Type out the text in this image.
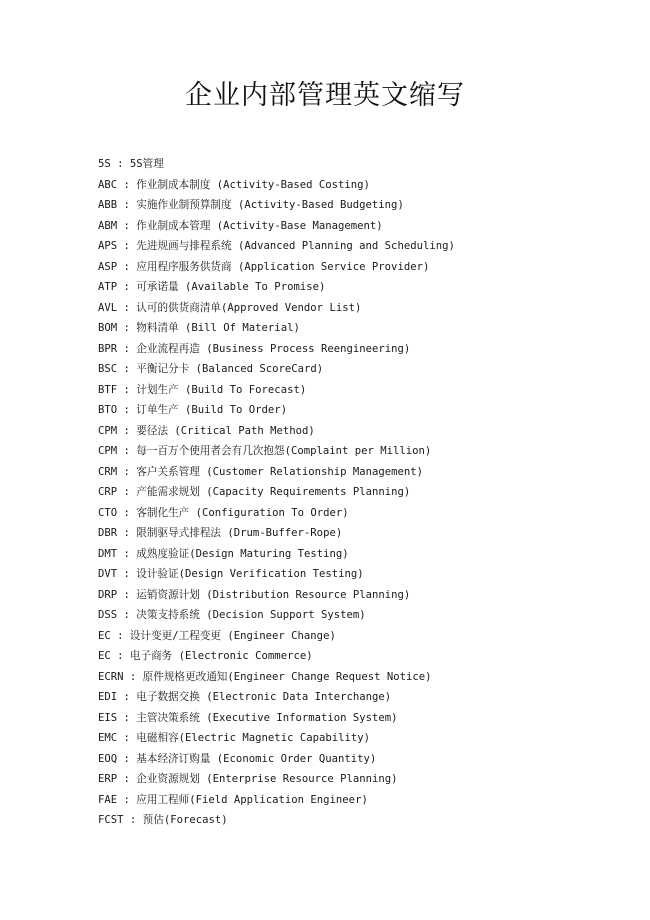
企业内部管理英文缩写
5S : 5S管理
ABC : 作业制成本制度 (Activity-Based Costing)
ABB : 实施作业制预算制度 (Activity-Based Budgeting)
ABM : 作业制成本管理 (Activity-Base Management)
APS : 先进规画与排程系统 (Advanced Planning and Scheduling)
ASP : 应用程序服务供货商 (Application Service Provider)
ATP : 可承诺量 (Available To Promise)
AVL : 认可的供货商清单(Approved Vendor List)
BOM : 物料清单 (Bill Of Material)
BPR : 企业流程再造 (Business Process Reengineering)
BSC : 平衡记分卡 (Balanced ScoreCard)
BTF : 计划生产 (Build To Forecast)
BTO : 订单生产 (Build To Order)
CPM : 要径法 (Critical Path Method)
CPM : 每一百万个使用者会有几次抱怨(Complaint per Million)
CRM : 客户关系管理 (Customer Relationship Management)
CRP : 产能需求规划 (Capacity Requirements Planning)
CTO : 客制化生产 (Configuration To Order)
DBR : 限制驱导式排程法 (Drum-Buffer-Rope)
DMT : 成熟度验证(Design Maturing Testing)
DVT : 设计验证(Design Verification Testing)
DRP : 运销资源计划 (Distribution Resource Planning)
DSS : 决策支持系统 (Decision Support System)
EC : 设计变更/工程变更 (Engineer Change)
EC : 电子商务 (Electronic Commerce)
ECRN : 原件规格更改通知(Engineer Change Request Notice)
EDI : 电子数据交换 (Electronic Data Interchange)
EIS : 主管决策系统 (Executive Information System)
EMC : 电磁相容(Electric Magnetic Capability)
EOQ : 基本经济订购量 (Economic Order Quantity)
ERP : 企业资源规划 (Enterprise Resource Planning)
FAE : 应用工程师(Field Application Engineer)
FCST : 预估(Forecast)
